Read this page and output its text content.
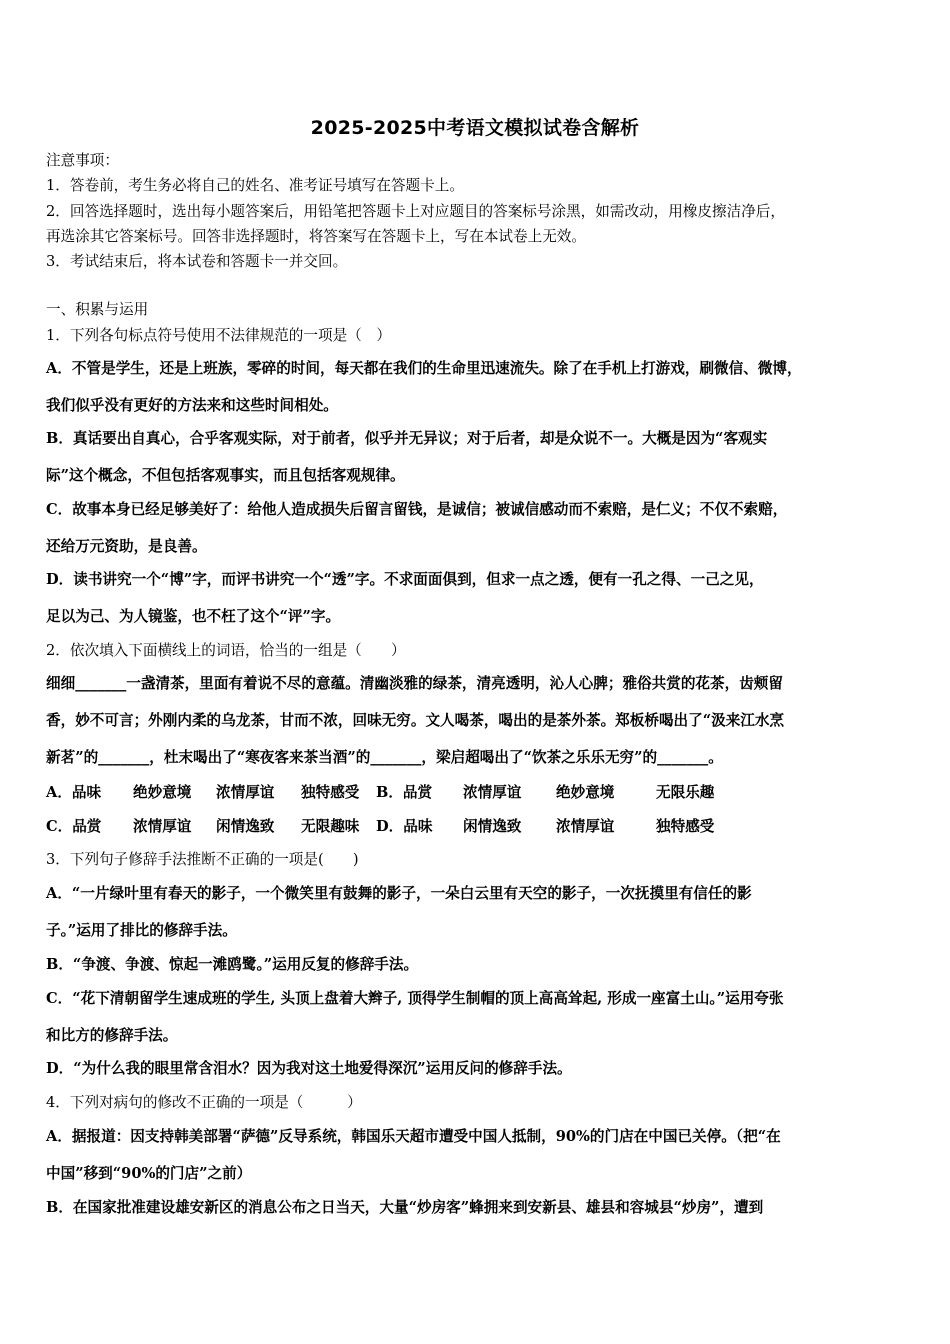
2025-2025中考语文模拟试卷含解析
注意事项：
1．答卷前，考生务必将自己的姓名、准考证号填写在答题卡上。
2．回答选择题时，选出每小题答案后，用铅笔把答题卡上对应题目的答案标号涂黑，如需改动，用橡皮擦洁净后，
再选涂其它答案标号。回答非选择题时，将答案写在答题卡上，写在本试卷上无效。
3．考试结束后，将本试卷和答题卡一并交回。
一、积累与运用
1．下列各句标点符号使用不法律规范的一项是（　）
A．不管是学生，还是上班族，零碎的时间，每天都在我们的生命里迅速流失。除了在手机上打游戏，刷微信、微博，
我们似乎没有更好的方法来和这些时间相处。
B．真话要出自真心，合乎客观实际，对于前者，似乎并无异议；对于后者，却是众说不一。大概是因为“客观实
际”这个概念，不但包括客观事实，而且包括客观规律。
C．故事本身已经足够美好了：给他人造成损失后留言留钱，是诚信；被诚信感动而不索赔，是仁义；不仅不索赔，
还给万元资助，是良善。
D．读书讲究一个“博”字，而评书讲究一个“透”字。不求面面俱到，但求一点之透，便有一孔之得、一己之见，
足以为己、为人镜鉴，也不枉了这个“评”字。
2．依次填入下面横线上的词语，恰当的一组是（　　）
细细_______一盏清茶，里面有着说不尽的意蕴。清幽淡雅的绿茶，清亮透明，沁人心脾；雅俗共赏的花茶，齿颊留
香，妙不可言；外刚内柔的乌龙茶，甘而不浓，回味无穷。文人喝茶，喝出的是茶外茶。郑板桥喝出了“汲来江水烹
新茗”的_______，杜末喝出了“寒夜客来茶当酒”的_______，梁启超喝出了“饮茶之乐乐无穷”的_______。
A．品味 绝妙意境 浓情厚谊 独特感受 B．品赏 浓情厚谊 绝妙意境	无限乐趣
C．品赏 浓情厚谊 闲情逸致 无限趣味 D．品味 闲情逸致 浓情厚谊	独特感受
3．下列句子修辞手法推断不正确的一项是(　　)
A．“一片绿叶里有春天的影子，一个微笑里有鼓舞的影子，一朵白云里有天空的影子，一次抚摸里有信任的影
子。”运用了排比的修辞手法。
B．“争渡、争渡、惊起一滩鸥鹭。”运用反复的修辞手法。
C．“花下清朝留学生速成班的学生, 头顶上盘着大辫子, 顶得学生制帽的顶上高高耸起, 形成一座富土山。”运用夸张
和比方的修辞手法。
D．“为什么我的眼里常含泪水？因为我对这土地爱得深沉”运用反问的修辞手法。
4．下列对病句的修改不正确的一项是（　　　）
A．据报道：因支持韩美部署“萨德”反导系统，韩国乐天超市遭受中国人抵制，90%的门店在中国已关停。（把“在
中国”移到“90%的门店”之前）
B．在国家批准建设雄安新区的消息公布之日当天，大量“炒房客”蜂拥来到安新县、雄县和容城县“炒房”，遭到
